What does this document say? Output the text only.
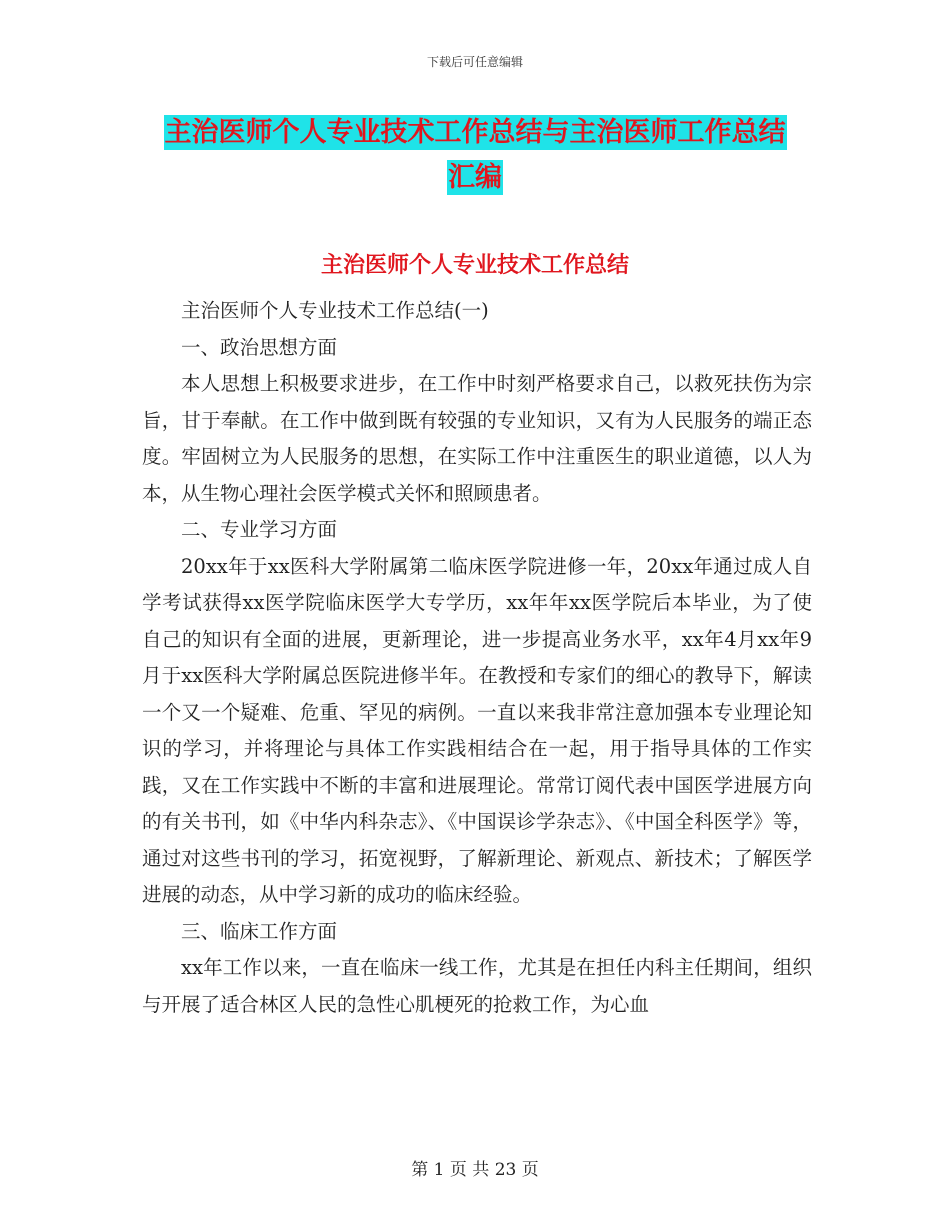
下载后可任意编辑
主治医师个人专业技术工作总结与主治医师工作总结
汇编
主治医师个人专业技术工作总结

主治医师个人专业技术工作总结(一)

一、政治思想方面

本人思想上积极要求进步，在工作中时刻严格要求自己，以救死扶伤为宗旨，甘于奉献。在工作中做到既有较强的专业知识，又有为人民服务的端正态度。牢固树立为人民服务的思想，在实际工作中注重医生的职业道德，以人为本，从生物心理社会医学模式关怀和照顾患者。

二、专业学习方面

20xx年于xx医科大学附属第二临床医学院进修一年，20xx年通过成人自学考试获得xx医学院临床医学大专学历，xx年年xx医学院后本毕业，为了使自己的知识有全面的进展，更新理论，进一步提高业务水平，xx年4月xx年9月于xx医科大学附属总医院进修半年。在教授和专家们的细心的教导下，解读一个又一个疑难、危重、罕见的病例。一直以来我非常注意加强本专业理论知识的学习，并将理论与具体工作实践相结合在一起，用于指导具体的工作实践，又在工作实践中不断的丰富和进展理论。常常订阅代表中国医学进展方向的有关书刊，如《中华内科杂志》、《中国误诊学杂志》、《中国全科医学》等，通过对这些书刊的学习，拓宽视野，了解新理论、新观点、新技术；了解医学进展的动态，从中学习新的成功的临床经验。

三、临床工作方面

xx年工作以来，一直在临床一线工作，尤其是在担任内科主任期间，组织与开展了适合林区人民的急性心肌梗死的抢救工作，为心血

第 1 页 共 23 页
